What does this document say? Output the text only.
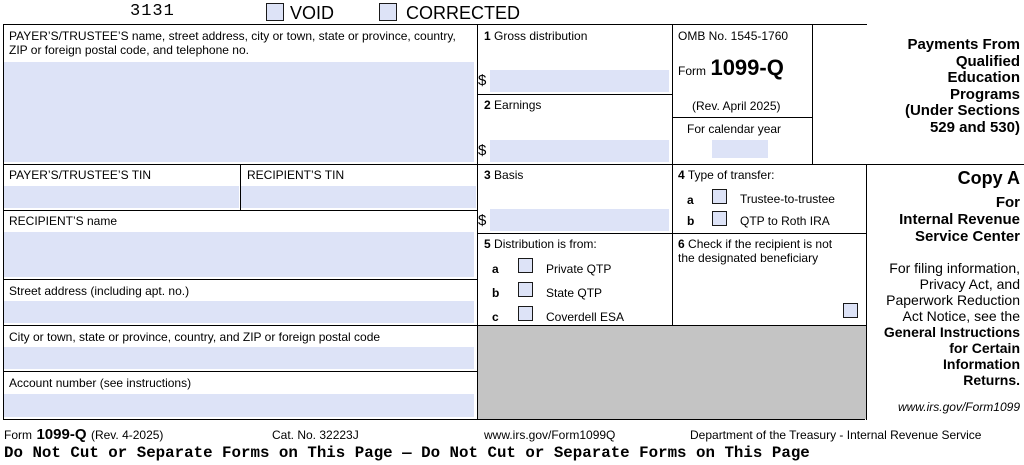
3131	VOID	CORRECTED
PAYER’S/TRUSTEE’S name, street address, city or town, state or province, country, ZIP or foreign postal code, and telephone no.
1 Gross distribution
$
2 Earnings
$
OMB No. 1545-1760
Form 1099-Q
(Rev. April 2025)
For calendar year
Payments From
Qualified
Education
Programs
(Under Sections
529 and 530)
PAYER’S/TRUSTEE’S TIN	RECIPIENT’S TIN
RECIPIENT’S name
Street address (including apt. no.)
City or town, state or province, country, and ZIP or foreign postal code
Account number (see instructions)
3 Basis
$
4 Type of transfer:
a	Trustee-to-trustee
b	QTP to Roth IRA
5 Distribution is from:
a	Private QTP
b	State QTP
c	Coverdell ESA
6 Check if the recipient is not the designated beneficiary
Copy A
For
Internal Revenue
Service Center
For filing information,
Privacy Act, and
Paperwork Reduction
Act Notice, see the
General Instructions
for Certain
Information
Returns.
www.irs.gov/Form1099
Form 1099-Q (Rev. 4-2025)	Cat. No. 32223J	www.irs.gov/Form1099Q	Department of the Treasury - Internal Revenue Service
Do Not Cut or Separate Forms on This Page — Do Not Cut or Separate Forms on This Page
